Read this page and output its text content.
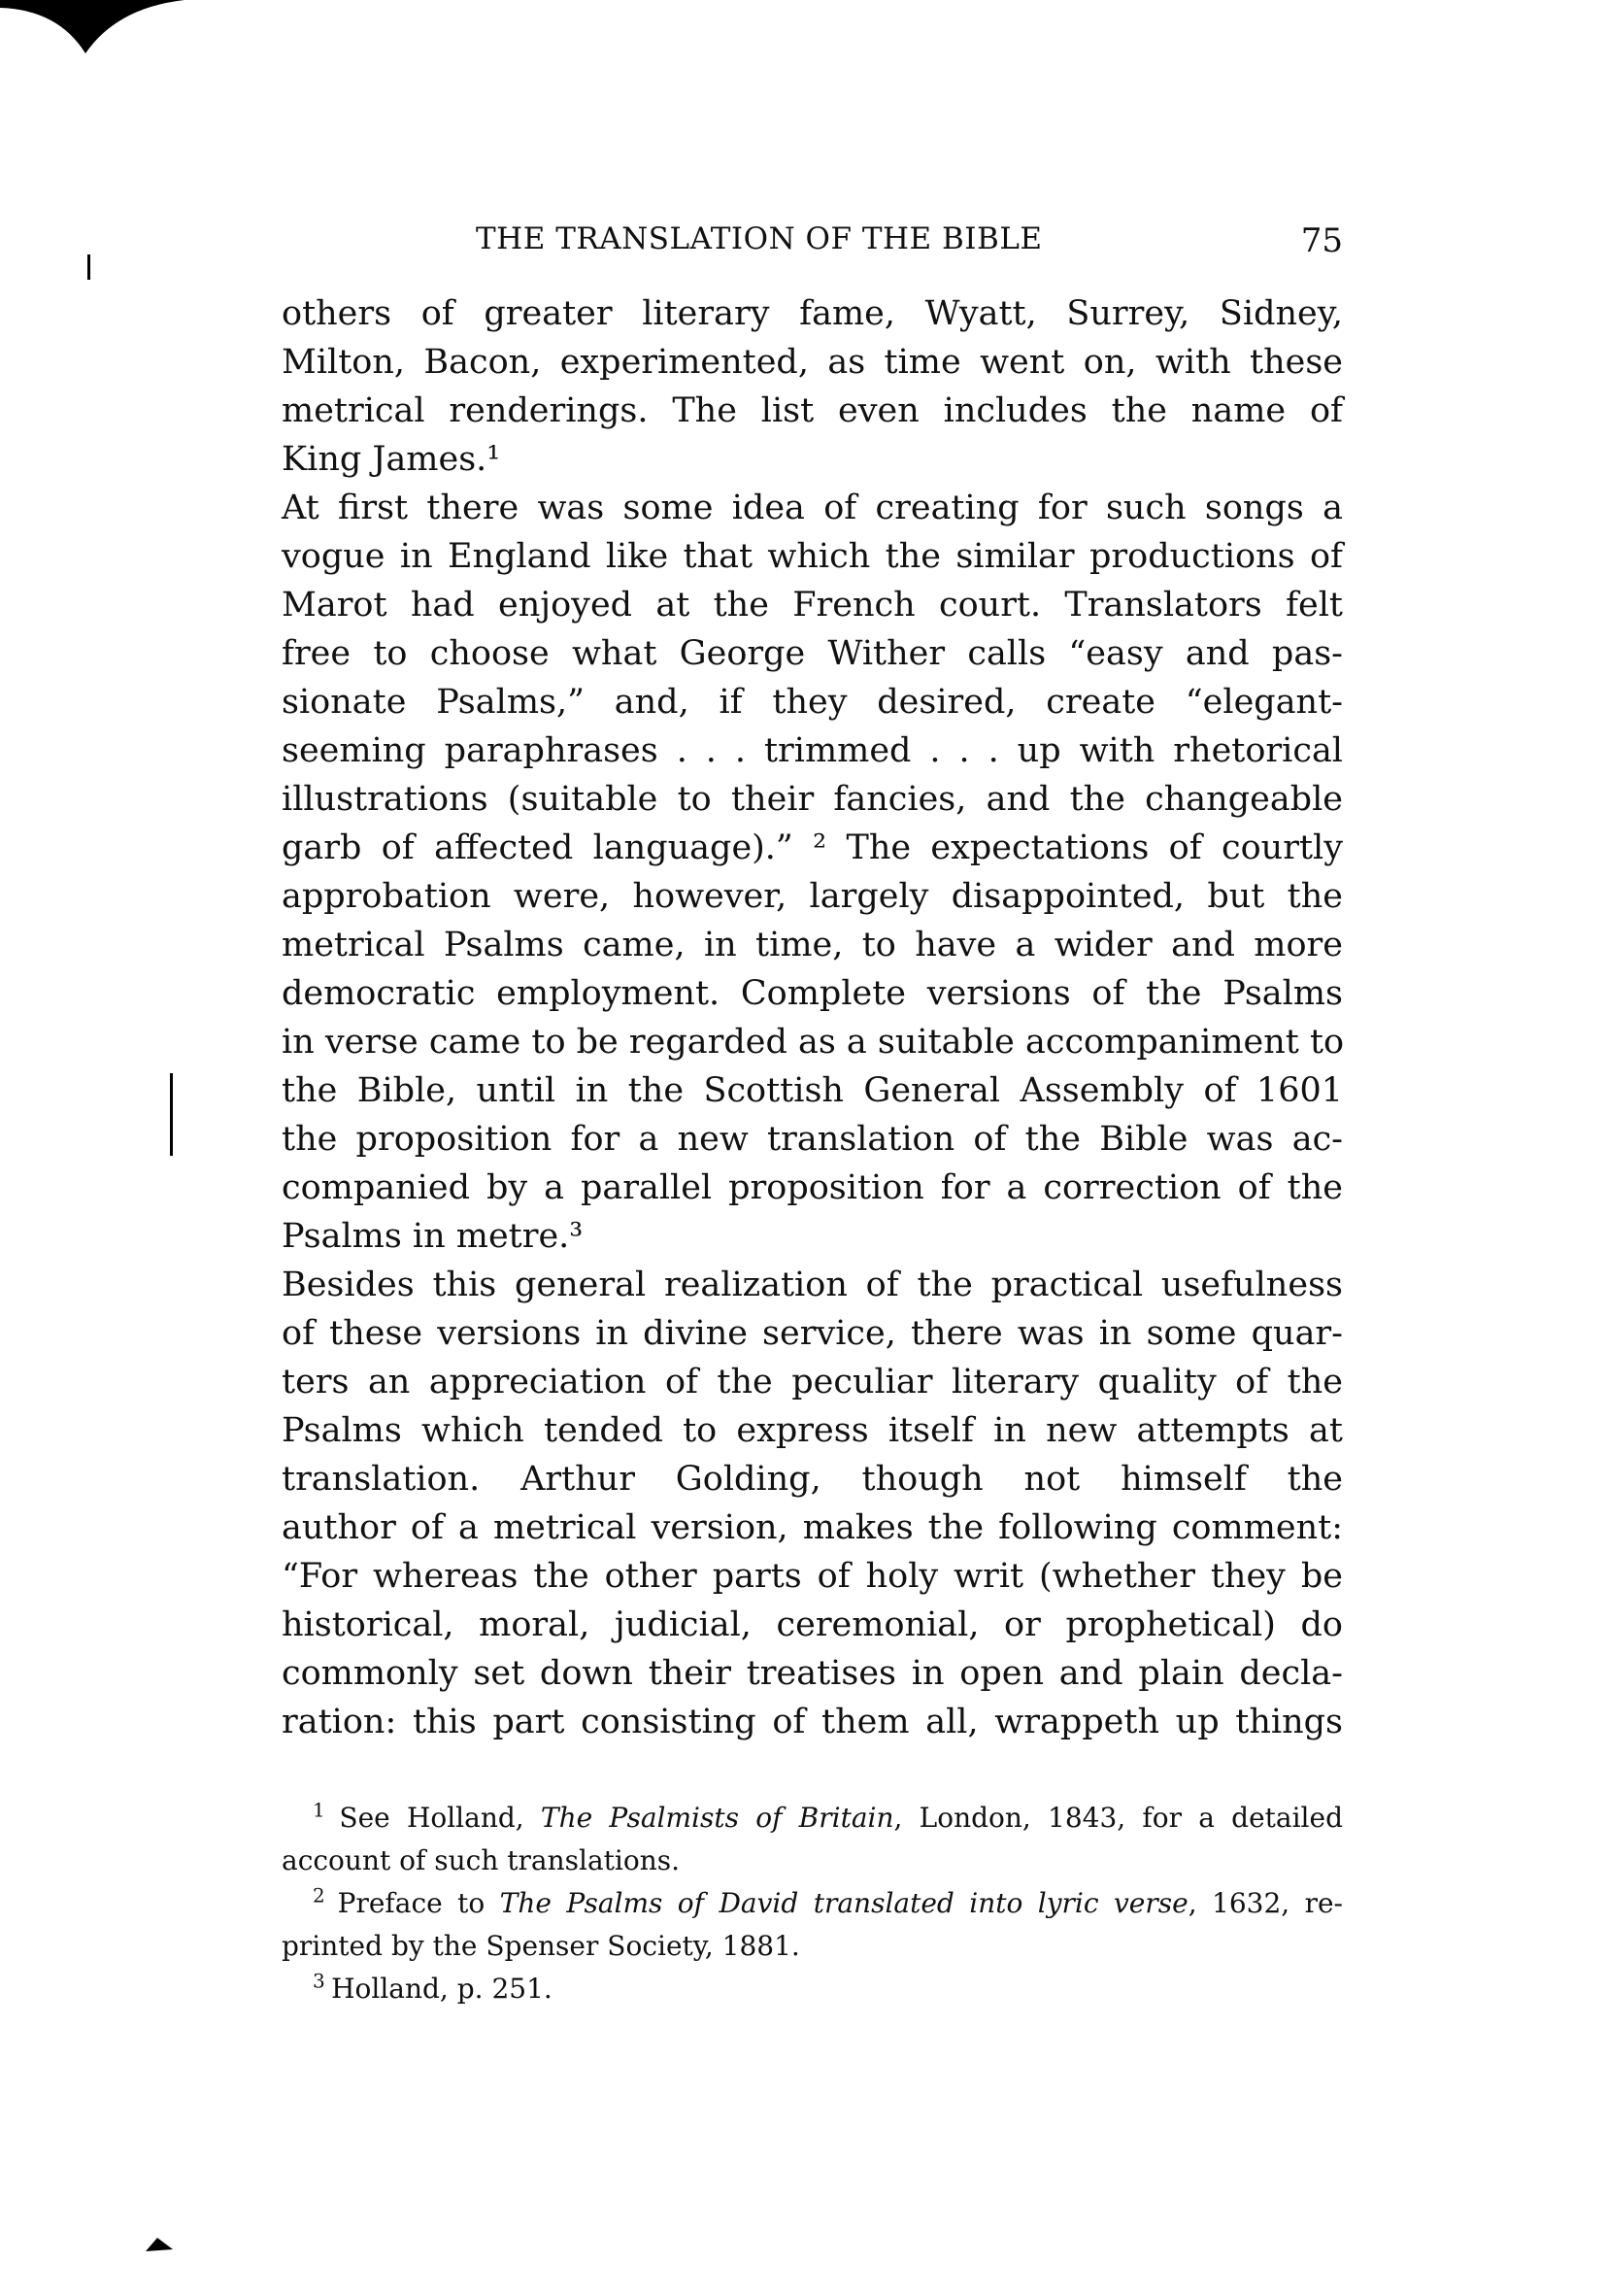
THE TRANSLATION OF THE BIBLE	75
others of greater literary fame, Wyatt, Surrey, Sidney,
Milton, Bacon, experimented, as time went on, with these
metrical renderings. The list even includes the name of
King James.¹
At first there was some idea of creating for such songs a
vogue in England like that which the similar productions of
Marot had enjoyed at the French court. Translators felt
free to choose what George Wither calls “easy and pas-
sionate Psalms,” and, if they desired, create “elegant-
seeming paraphrases . . . trimmed . . . up with rhetorical
illustrations (suitable to their fancies, and the changeable
garb of affected language).” ² The expectations of courtly
approbation were, however, largely disappointed, but the
metrical Psalms came, in time, to have a wider and more
democratic employment. Complete versions of the Psalms
in verse came to be regarded as a suitable accompaniment to
the Bible, until in the Scottish General Assembly of 1601
the proposition for a new translation of the Bible was ac-
companied by a parallel proposition for a correction of the
Psalms in metre.³
Besides this general realization of the practical usefulness
of these versions in divine service, there was in some quar-
ters an appreciation of the peculiar literary quality of the
Psalms which tended to express itself in new attempts at
translation. Arthur Golding, though not himself the
author of a metrical version, makes the following comment:
“For whereas the other parts of holy writ (whether they be
historical, moral, judicial, ceremonial, or prophetical) do
commonly set down their treatises in open and plain decla-
ration: this part consisting of them all, wrappeth up things
$^1$ See Holland, The Psalmists of Britain, London, 1843, for a detailed
account of such translations.
$^2$ Preface to The Psalms of David translated into lyric verse, 1632, re-
printed by the Spenser Society, 1881.
$^3$ Holland, p. 251.
